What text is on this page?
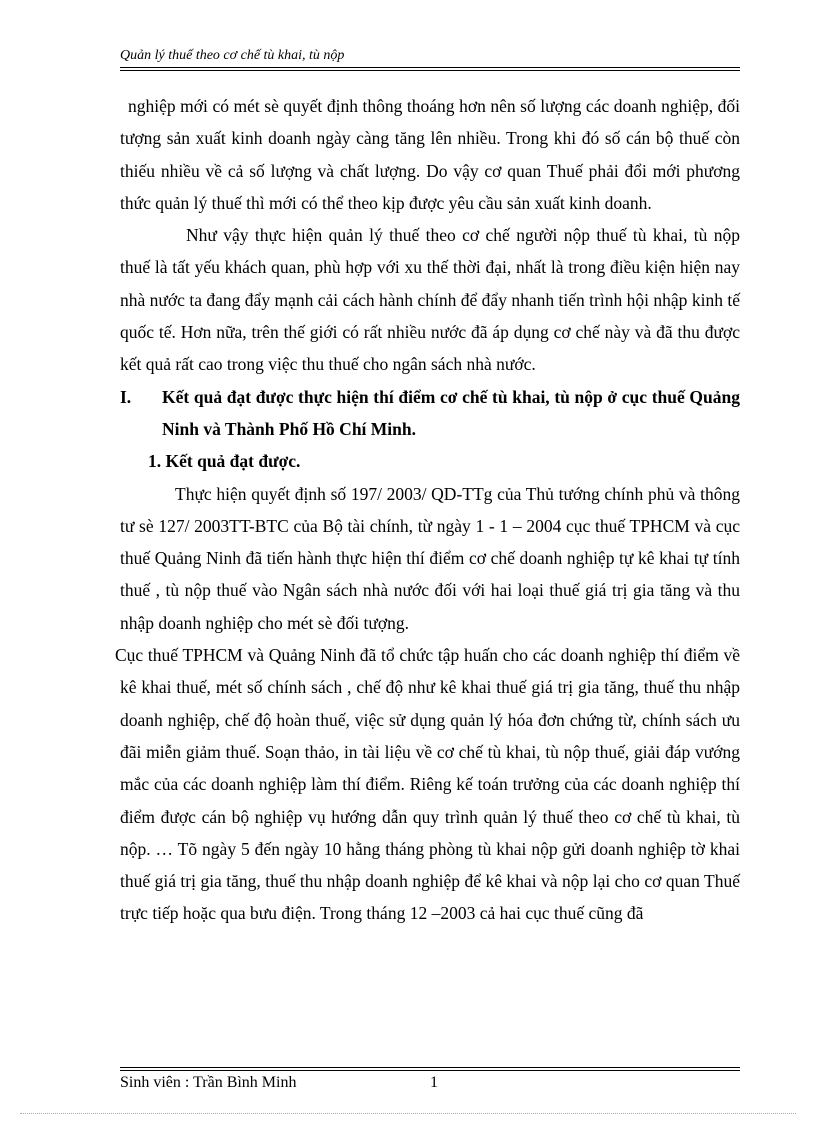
Quản lý thuế theo cơ chế tù khai, tù nộp

nghiệp mới có mét sè quyết định thông thoáng hơn nên số lượng các doanh nghiệp, đối tượng sản xuất kinh doanh ngày càng tăng lên nhiều. Trong khi đó số cán bộ thuế còn thiếu nhiều về cả số lượng và chất lượng. Do vậy cơ quan Thuế phải đổi mới phương thức quản lý thuế thì mới có thể theo kịp được yêu cầu sản xuất kinh doanh.

Như vậy thực hiện quản lý thuế theo cơ chế người nộp thuế tù khai, tù nộp thuế là tất yếu khách quan, phù hợp với xu thế thời đại, nhất là trong điều kiện hiện nay nhà nước ta đang đẩy mạnh cải cách hành chính để đẩy nhanh tiến trình hội nhập kinh tế quốc tế. Hơn nữa, trên thế giới có rất nhiều nước đã áp dụng cơ chế này và đã thu được kết quả rất cao trong việc thu thuế cho ngân sách nhà nước.

I. Kết quả đạt được thực hiện thí điểm cơ chế tù khai, tù nộp ở cục thuế Quảng Ninh và Thành Phố Hồ Chí Minh.

1. Kết quả đạt được.

Thực hiện quyết định số 197/ 2003/ QD-TTg của Thủ tướng chính phủ và thông tư sè 127/ 2003TT-BTC của Bộ tài chính, từ ngày 1 - 1 – 2004 cục thuế TPHCM và cục thuế Quảng Ninh đã tiến hành thực hiện thí điểm cơ chế doanh nghiệp tự kê khai tự tính thuế , tù nộp thuế vào Ngân sách nhà nước đối với hai loại thuế giá trị gia tăng và thu nhập doanh nghiệp cho mét sè đối tượng.

Cục thuế TPHCM và Quảng Ninh đã tổ chức tập huấn cho các doanh nghiệp thí điểm về kê khai thuế, mét số chính sách , chế độ như kê khai thuế giá trị gia tăng, thuế thu nhập doanh nghiệp, chế độ hoàn thuế, việc sử dụng quản lý hóa đơn chứng từ, chính sách ưu đãi miễn giảm thuế. Soạn thảo, in tài liệu về cơ chế tù khai, tù nộp thuế, giải đáp vướng mắc của các doanh nghiệp làm thí điểm. Riêng kế toán trưởng của các doanh nghiệp thí điểm được cán bộ nghiệp vụ hướng dẫn quy trình quản lý thuế theo cơ chế tù khai, tù nộp. … Tõ ngày 5 đến ngày 10 hằng tháng phòng tù khai nộp gửi doanh nghiệp tờ khai thuế giá trị gia tăng, thuế thu nhập doanh nghiệp để kê khai và nộp lại cho cơ quan Thuế trực tiếp hoặc qua bưu điện. Trong tháng 12 –2003 cả hai cục thuế cũng đã

Sinh viên : Trần Bình Minh	1
